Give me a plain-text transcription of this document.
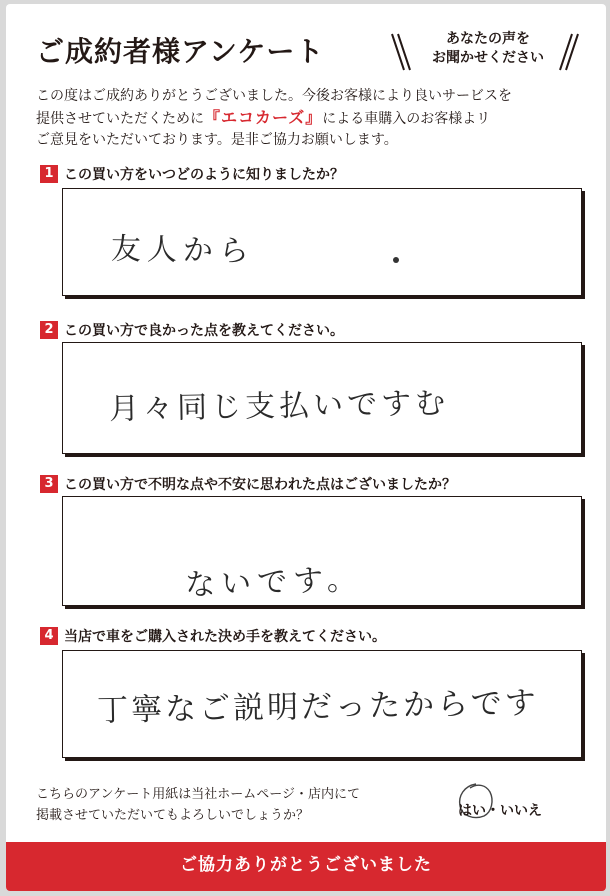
ご成約者様アンケート	あなたの声を
お聞かせください
この度はご成約ありがとうございました。今後お客様により良いサービスを
提供させていただくために『エコカーズ』による車購入のお客様よリ
ご意見をいただいております。是非ご協力お願いします。
1 この買い方をいつどのように知りましたか？
友人から
2 この買い方で良かった点を教えてください。
月々同じ支払いですむ
3 この買い方で不明な点や不安に思われた点はございましたか？
ないです。
4 当店で車をご購入された決め手を教えてください。
丁寧なご説明だったからです
こちらのアンケート用紙は当社ホームページ・店内にて
掲載させていただいてもよろしいでしょうか？	はい・いいえ
ご協力ありがとうございました
